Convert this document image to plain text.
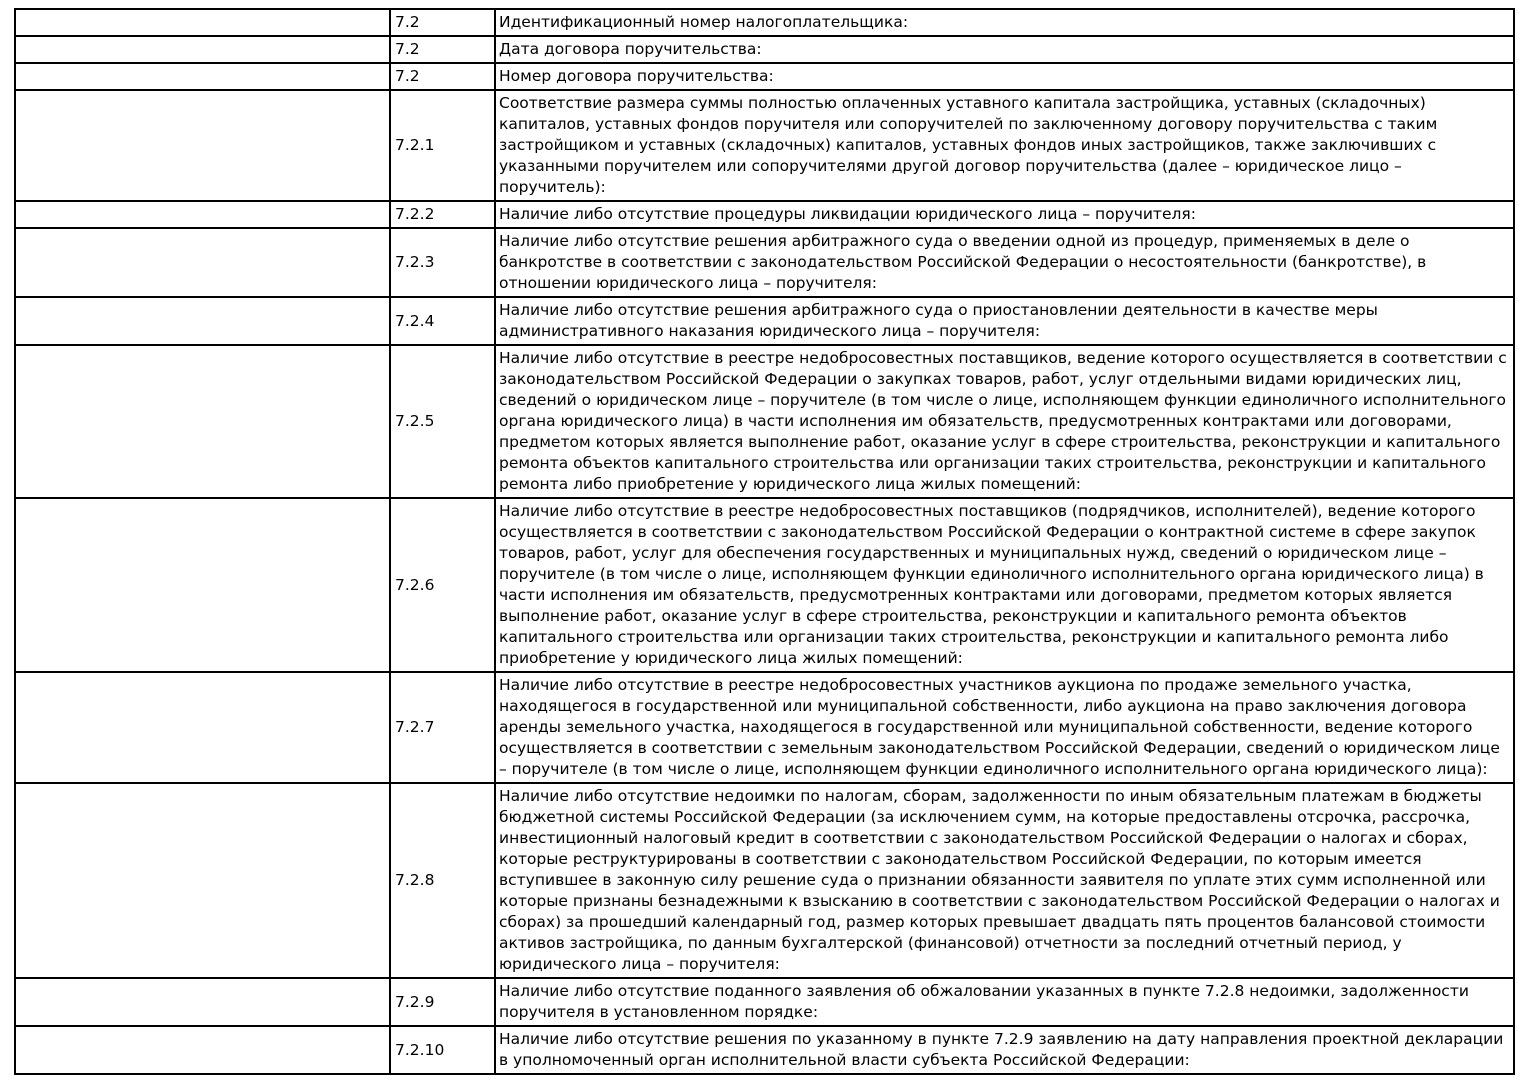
	7.2	Идентификационный номер налогоплательщика:
	7.2	Дата договора поручительства:
	7.2	Номер договора поручительства:
	7.2.1	Соответствие размера суммы полностью оплаченных уставного капитала застройщика, уставных (складочных) капиталов, уставных фондов поручителя или сопоручителей по заключенному договору поручительства с таким застройщиком и уставных (складочных) капиталов, уставных фондов иных застройщиков, также заключивших с указанными поручителем или сопоручителями другой договор поручительства (далее – юридическое лицо – поручитель):
	7.2.2	Наличие либо отсутствие процедуры ликвидации юридического лица – поручителя:
	7.2.3	Наличие либо отсутствие решения арбитражного суда о введении одной из процедур, применяемых в деле о банкротстве в соответствии с законодательством Российской Федерации о несостоятельности (банкротстве), в отношении юридического лица – поручителя:
	7.2.4	Наличие либо отсутствие решения арбитражного суда о приостановлении деятельности в качестве меры административного наказания юридического лица – поручителя:
	7.2.5	Наличие либо отсутствие в реестре недобросовестных поставщиков, ведение которого осуществляется в соответствии с законодательством Российской Федерации о закупках товаров, работ, услуг отдельными видами юридических лиц, сведений о юридическом лице – поручителе (в том числе о лице, исполняющем функции единоличного исполнительного органа юридического лица) в части исполнения им обязательств, предусмотренных контрактами или договорами, предметом которых является выполнение работ, оказание услуг в сфере строительства, реконструкции и капитального ремонта объектов капитального строительства или организации таких строительства, реконструкции и капитального ремонта либо приобретение у юридического лица жилых помещений:
	7.2.6	Наличие либо отсутствие в реестре недобросовестных поставщиков (подрядчиков, исполнителей), ведение которого осуществляется в соответствии с законодательством Российской Федерации о контрактной системе в сфере закупок товаров, работ, услуг для обеспечения государственных и муниципальных нужд, сведений о юридическом лице – поручителе (в том числе о лице, исполняющем функции единоличного исполнительного органа юридического лица) в части исполнения им обязательств, предусмотренных контрактами или договорами, предметом которых является выполнение работ, оказание услуг в сфере строительства, реконструкции и капитального ремонта объектов капитального строительства или организации таких строительства, реконструкции и капитального ремонта либо приобретение у юридического лица жилых помещений:
	7.2.7	Наличие либо отсутствие в реестре недобросовестных участников аукциона по продаже земельного участка, находящегося в государственной или муниципальной собственности, либо аукциона на право заключения договора аренды земельного участка, находящегося в государственной или муниципальной собственности, ведение которого осуществляется в соответствии с земельным законодательством Российской Федерации, сведений о юридическом лице – поручителе (в том числе о лице, исполняющем функции единоличного исполнительного органа юридического лица):
	7.2.8	Наличие либо отсутствие недоимки по налогам, сборам, задолженности по иным обязательным платежам в бюджеты бюджетной системы Российской Федерации (за исключением сумм, на которые предоставлены отсрочка, рассрочка, инвестиционный налоговый кредит в соответствии с законодательством Российской Федерации о налогах и сборах, которые реструктурированы в соответствии с законодательством Российской Федерации, по которым имеется вступившее в законную силу решение суда о признании обязанности заявителя по уплате этих сумм исполненной или которые признаны безнадежными к взысканию в соответствии с законодательством Российской Федерации о налогах и сборах) за прошедший календарный год, размер которых превышает двадцать пять процентов балансовой стоимости активов застройщика, по данным бухгалтерской (финансовой) отчетности за последний отчетный период, у юридического лица – поручителя:
	7.2.9	Наличие либо отсутствие поданного заявления об обжаловании указанных в пункте 7.2.8 недоимки, задолженности поручителя в установленном порядке:
	7.2.10	Наличие либо отсутствие решения по указанному в пункте 7.2.9 заявлению на дату направления проектной декларации в уполномоченный орган исполнительной власти субъекта Российской Федерации:
